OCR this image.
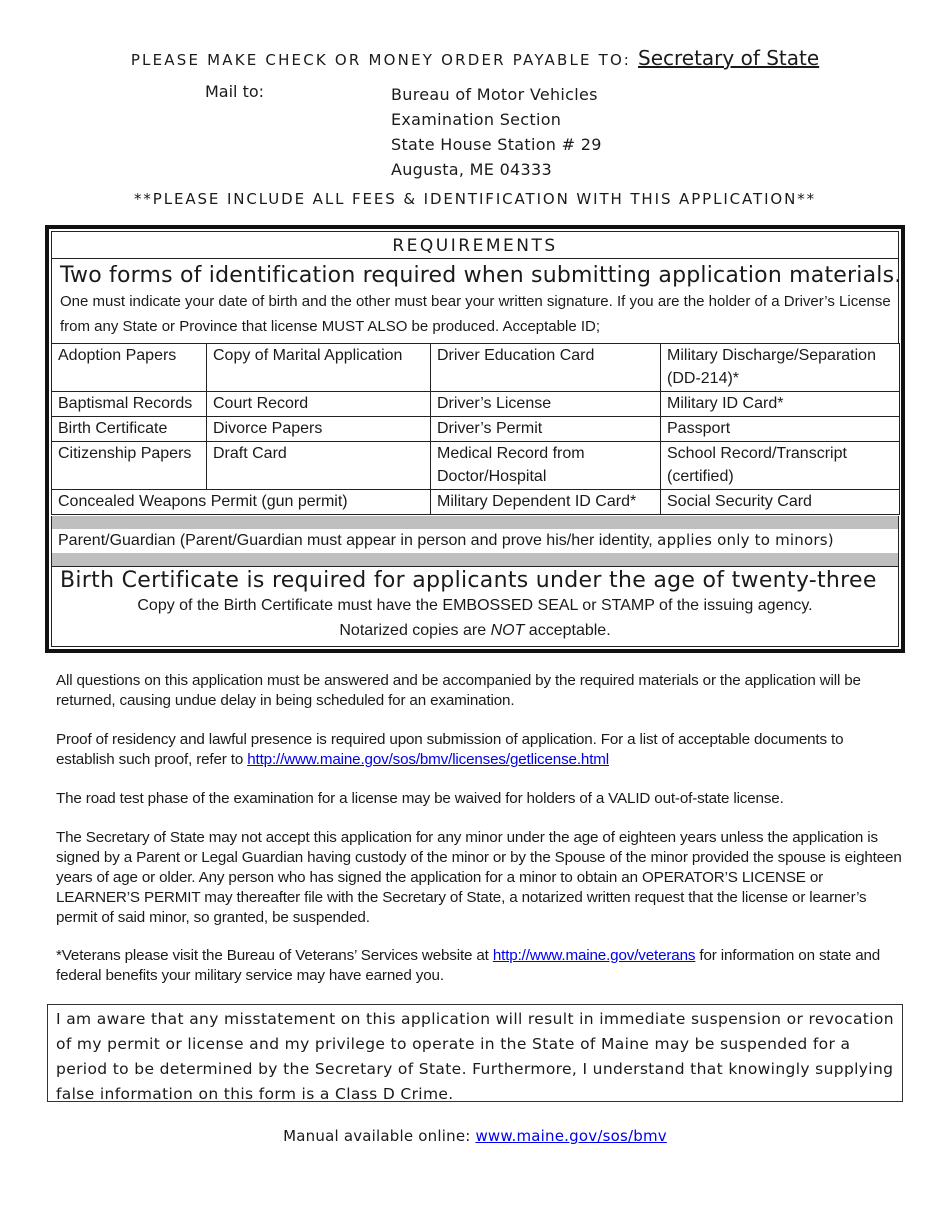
PLEASE MAKE CHECK OR MONEY ORDER PAYABLE TO: Secretary of State
Mail to:	Bureau of Motor Vehicles
Examination Section
State House Station # 29
Augusta, ME 04333
**PLEASE INCLUDE ALL FEES & IDENTIFICATION WITH THIS APPLICATION**
REQUIREMENTS
Two forms of identification required when submitting application materials.
One must indicate your date of birth and the other must bear your written signature. If you are the holder of a Driver’s License from any State or Province that license MUST ALSO be produced. Acceptable ID;
Adoption Papers	Copy of Marital Application	Driver Education Card	Military Discharge/Separation (DD-214)*
Baptismal Records	Court Record	Driver’s License	Military ID Card*
Birth Certificate	Divorce Papers	Driver’s Permit	Passport
Citizenship Papers	Draft Card	Medical Record from Doctor/Hospital	School Record/Transcript (certified)
Concealed Weapons Permit (gun permit)		Military Dependent ID Card*	Social Security Card
Parent/Guardian (Parent/Guardian must appear in person and prove his/her identity, applies only to minors)
Birth Certificate is required for applicants under the age of twenty-three
Copy of the Birth Certificate must have the EMBOSSED SEAL or STAMP of the issuing agency.
Notarized copies are NOT acceptable.
All questions on this application must be answered and be accompanied by the required materials or the application will be returned, causing undue delay in being scheduled for an examination.
Proof of residency and lawful presence is required upon submission of application. For a list of acceptable documents to establish such proof, refer to http://www.maine.gov/sos/bmv/licenses/getlicense.html
The road test phase of the examination for a license may be waived for holders of a VALID out-of-state license.
The Secretary of State may not accept this application for any minor under the age of eighteen years unless the application is signed by a Parent or Legal Guardian having custody of the minor or by the Spouse of the minor provided the spouse is eighteen years of age or older. Any person who has signed the application for a minor to obtain an OPERATOR’S LICENSE or LEARNER’S PERMIT may thereafter file with the Secretary of State, a notarized written request that the license or learner’s permit of said minor, so granted, be suspended.
*Veterans please visit the Bureau of Veterans’ Services website at http://www.maine.gov/veterans for information on state and federal benefits your military service may have earned you.
I am aware that any misstatement on this application will result in immediate suspension or revocation of my permit or license and my privilege to operate in the State of Maine may be suspended for a period to be determined by the Secretary of State. Furthermore, I understand that knowingly supplying false information on this form is a Class D Crime.
Manual available online: www.maine.gov/sos/bmv
